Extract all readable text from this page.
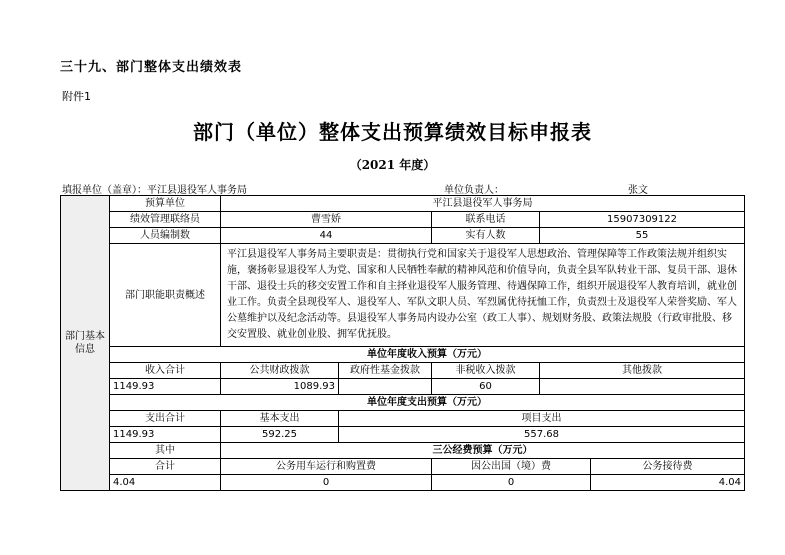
三十九、部门整体支出绩效表
附件1
部门（单位）整体支出预算绩效目标申报表
（2021 年度）
填报单位（盖章）：平江县退役军人事务局	单位负责人：	张文
部门基本信息	预算单位	平江县退役军人事务局				
	绩效管理联络员	曹雪娇		联系电话	15907309122	
	人员编制数	44		实有人数	55	
	部门职能职责概述	平江县退役军人事务局主要职责是：贯彻执行党和国家关于退役军人思想政治、管理保障等工作政策法规并组织实施，褒扬彰显退役军人为党、国家和人民牺牲奉献的精神风范和价值导向，负责全县军队转业干部、复员干部、退休干部、退役士兵的移交安置工作和自主择业退役军人服务管理、待遇保障工作，组织开展退役军人教育培训，就业创业工作。负责全县现役军人、退役军人、军队文职人员、军烈属优待抚恤工作，负责烈士及退役军人荣誉奖励、军人公墓维护以及纪念活动等。县退役军人事务局内设办公室（政工人事）、规划财务股、政策法规股（行政审批股、移交安置股、就业创业股、拥军优抚股。				
	单位年度收入预算（万元）					
	收入合计	公共财政拨款	政府性基金拨款	非税收入拨款	其他拨款	
	1149.93	1089.93		60		
	单位年度支出预算（万元）					
	支出合计	基本支出	项目支出			
	1149.93	592.25	557.68			
	其中	三公经费预算（万元）				
	合计	公务用车运行和购置费		因公出国（境）费		公务接待费
	4.04	0		0		4.04
